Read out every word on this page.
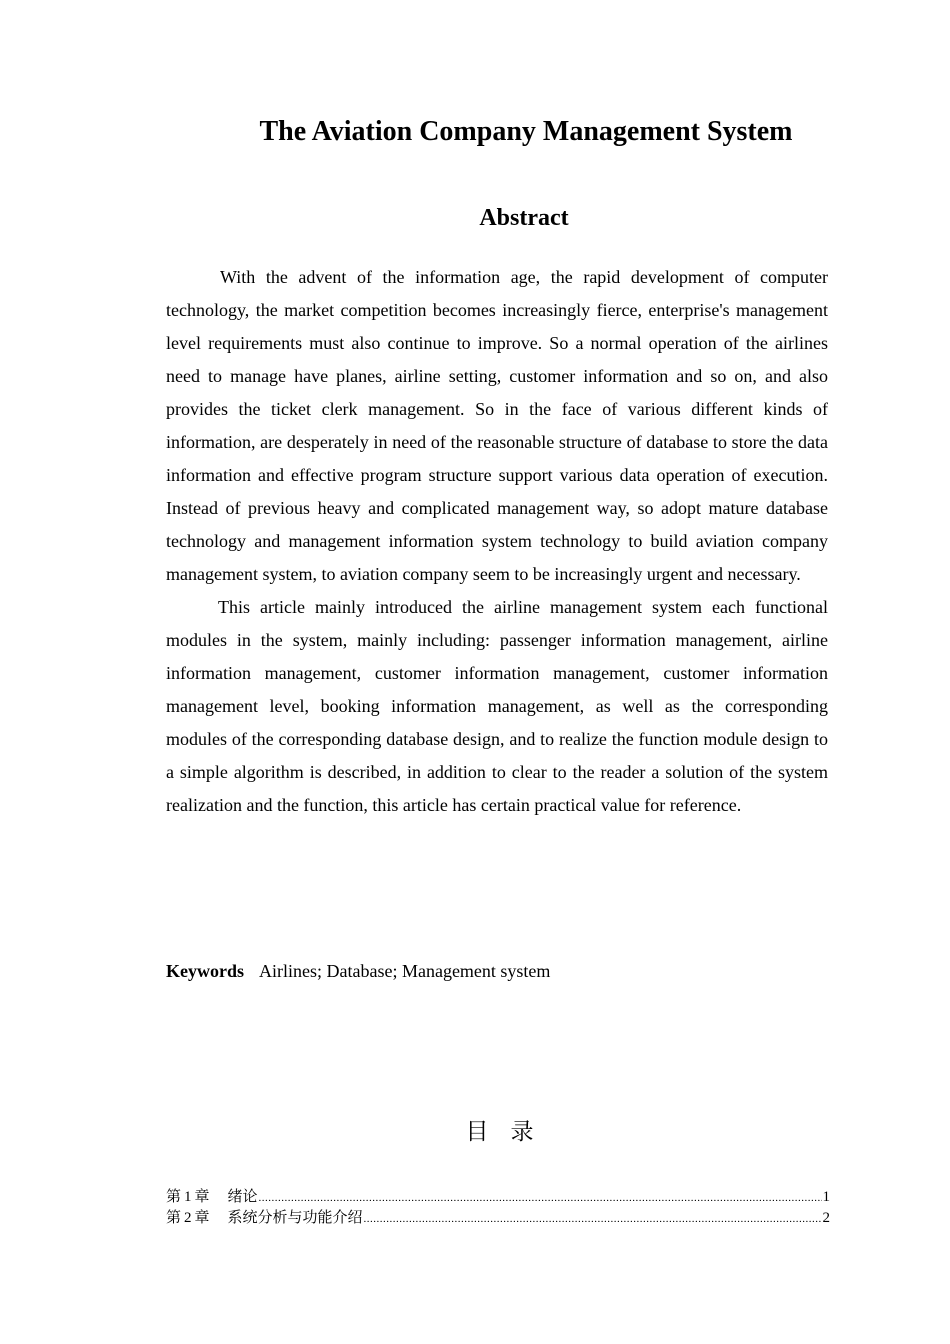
The Aviation Company Management System
Abstract

With the advent of the information age, the rapid development of computer technology, the market competition becomes increasingly fierce, enterprise's management level requirements must also continue to improve. So a normal operation of the airlines need to manage have planes, airline setting, customer information and so on, and also provides the ticket clerk management. So in the face of various different kinds of information, are desperately in need of the reasonable structure of database to store the data information and effective program structure support various data operation of execution. Instead of previous heavy and complicated management way, so adopt mature database technology and management information system technology to build aviation company management system, to aviation company seem to be increasingly urgent and necessary.

This article mainly introduced the airline management system each functional modules in the system, mainly including: passenger information management, airline information management, customer information management, customer information management level, booking information management, as well as the corresponding modules of the corresponding database design, and to realize the function module design to a simple algorithm is described, in addition to clear to the reader a solution of the system realization and the function, this article has certain practical value for reference.

Keywords Airlines; Database; Management system
目录
第 1 章 绪论 .....	1
第 2 章 系统分析与功能介绍 .....	2
